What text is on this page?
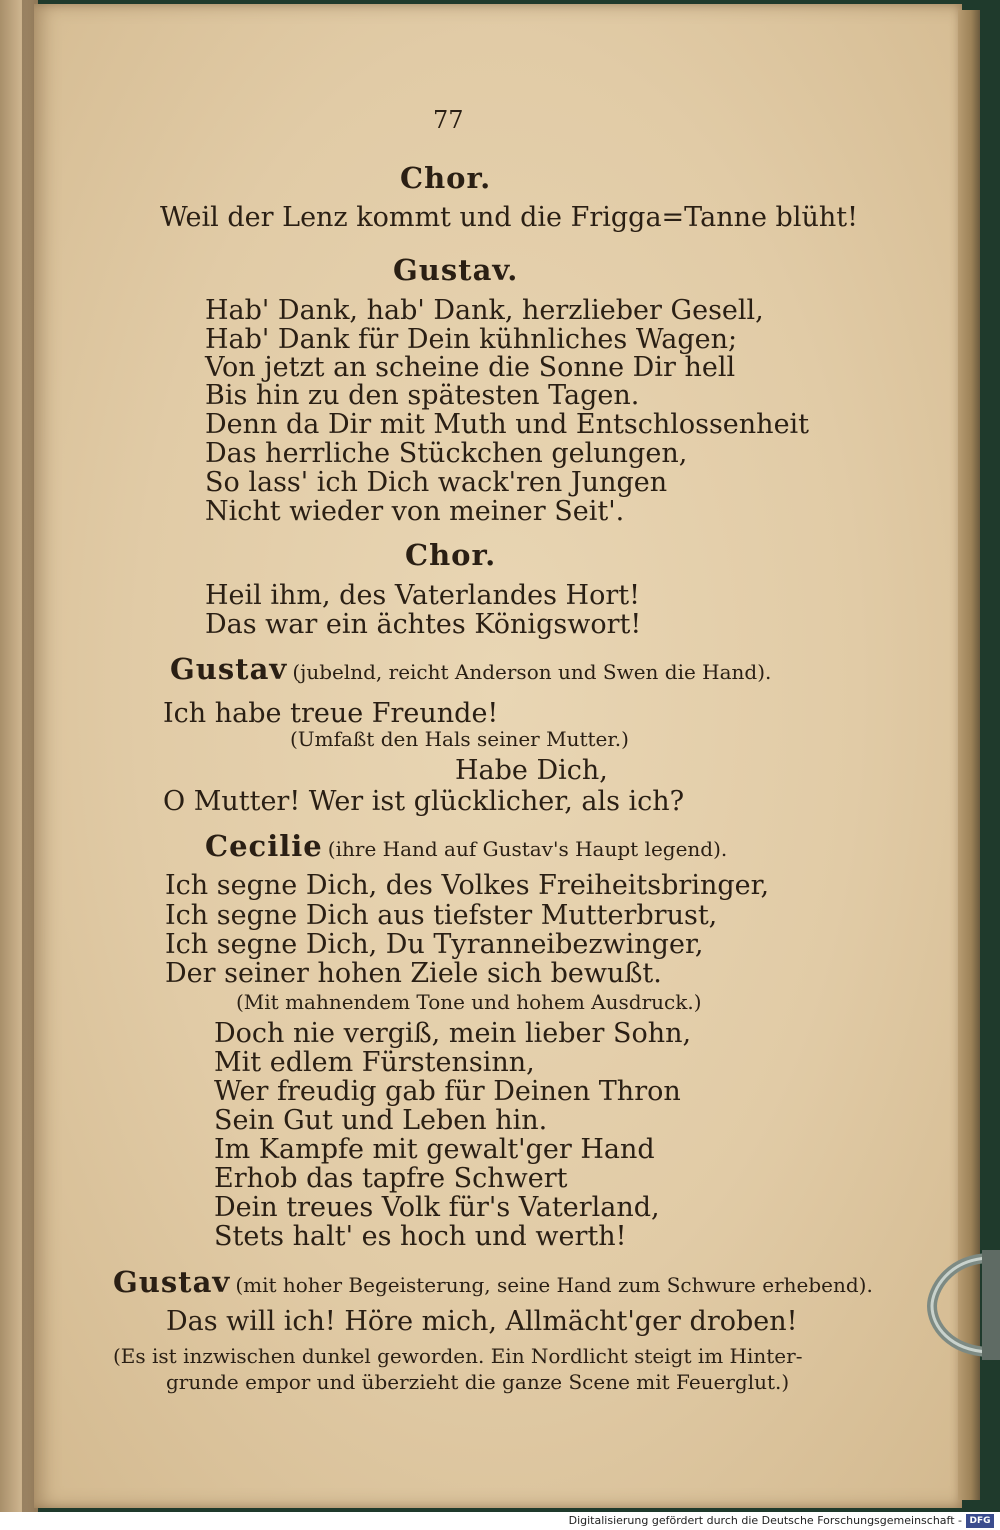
77
Chor.
Weil der Lenz kommt und die Frigga=Tanne blüht!
Gustav.
Hab' Dank, hab' Dank, herzlieber Gesell,
Hab' Dank für Dein kühnliches Wagen;
Von jetzt an scheine die Sonne Dir hell
Bis hin zu den spätesten Tagen.
Denn da Dir mit Muth und Entschlossenheit
Das herrliche Stückchen gelungen,
So lass' ich Dich wack'ren Jungen
Nicht wieder von meiner Seit'.
Chor.
Heil ihm, des Vaterlandes Hort!
Das war ein ächtes Königswort!
Gustav (jubelnd, reicht Anderson und Swen die Hand).
Ich habe treue Freunde!
(Umfaßt den Hals seiner Mutter.)
Habe Dich,
O Mutter! Wer ist glücklicher, als ich?
Cecilie (ihre Hand auf Gustav's Haupt legend).
Ich segne Dich, des Volkes Freiheitsbringer,
Ich segne Dich aus tiefster Mutterbrust,
Ich segne Dich, Du Tyranneibezwinger,
Der seiner hohen Ziele sich bewußt.
(Mit mahnendem Tone und hohem Ausdruck.)
Doch nie vergiß, mein lieber Sohn,
Mit edlem Fürstensinn,
Wer freudig gab für Deinen Thron
Sein Gut und Leben hin.
Im Kampfe mit gewalt'ger Hand
Erhob das tapfre Schwert
Dein treues Volk für's Vaterland,
Stets halt' es hoch und werth!
Gustav (mit hoher Begeisterung, seine Hand zum Schwure erhebend).
Das will ich! Höre mich, Allmächt'ger droben!
(Es ist inzwischen dunkel geworden. Ein Nordlicht steigt im Hinter-
grunde empor und überzieht die ganze Scene mit Feuerglut.)
Digitalisierung gefördert durch die Deutsche Forschungsgemeinschaft - DFG
